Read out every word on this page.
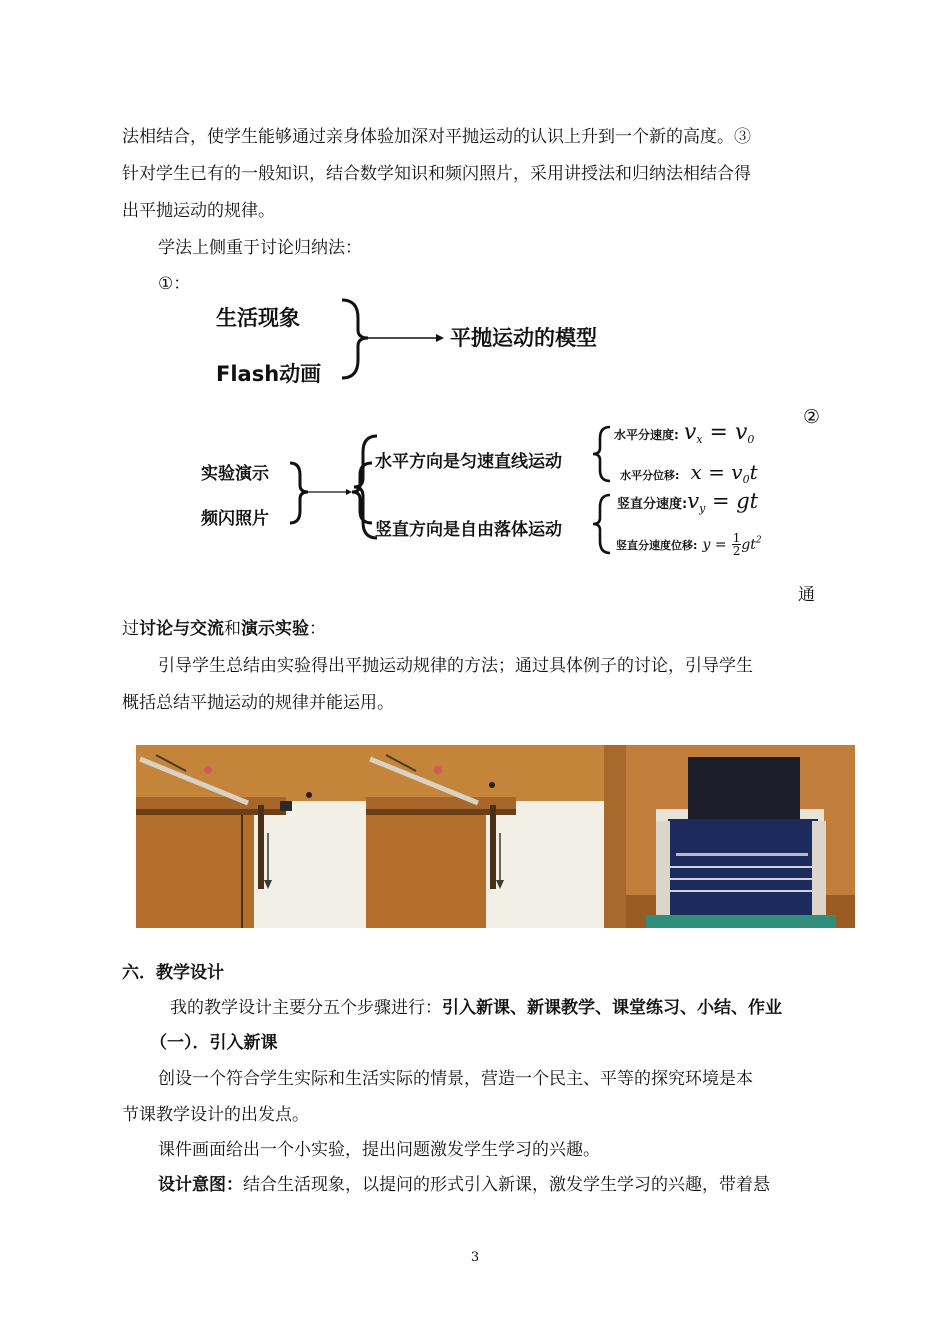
法相结合，使学生能够通过亲身体验加深对平抛运动的认识上升到一个新的高度。③
针对学生已有的一般知识，结合数学知识和频闪照片，采用讲授法和归纳法相结合得
出平抛运动的规律。
学法上侧重于讨论归纳法：
①：
生活现象
Flash动画
平抛运动的模型
②
实验演示
频闪照片
水平方向是匀速直线运动
竖直方向是自由落体运动
水平分速度: $v_x = v_0$
水平分位移: $x = v_0t$
竖直分速度$:v_y$ = gt
竖直分速度位移: $y = \frac{1}{2} gt^2$
通
过讨论与交流和演示实验：
引导学生总结由实验得出平抛运动规律的方法；通过具体例子的讨论，引导学生
概括总结平抛运动的规律并能运用。
六．教学设计
我的教学设计主要分五个步骤进行：引入新课、新课教学、课堂练习、小结、作业
（一）．引入新课
创设一个符合学生实际和生活实际的情景，营造一个民主、平等的探究环境是本
节课教学设计的出发点。
课件画面给出一个小实验，提出问题激发学生学习的兴趣。
设计意图：结合生活现象，以提问的形式引入新课，激发学生学习的兴趣，带着悬
3
